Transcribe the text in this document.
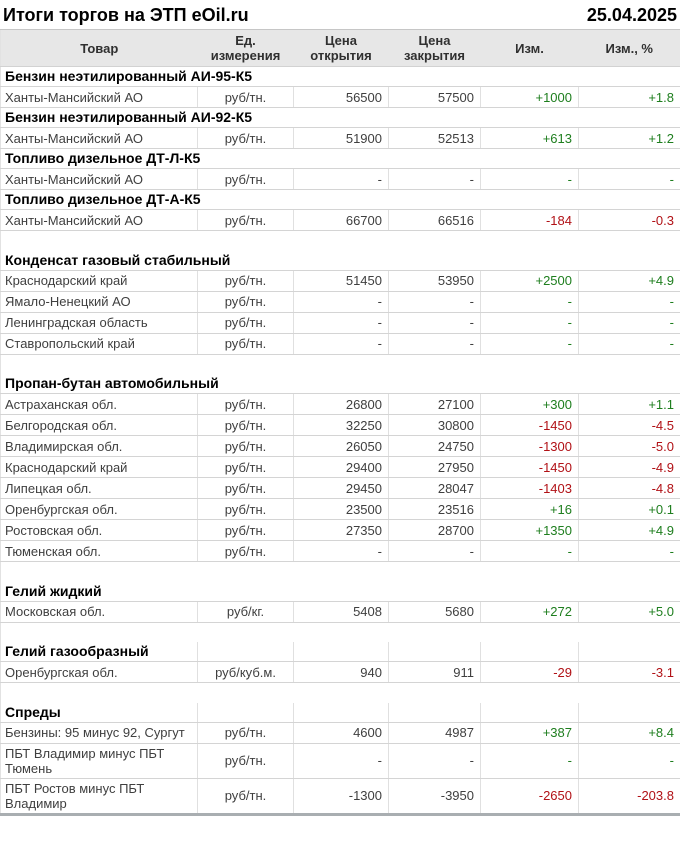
Итоги торгов на ЭТП eOil.ru	25.04.2025
Товар	Ед. измерения	Цена открытия	Цена закрытия	Изм.	Изм., %
Бензин неэтилированный АИ-95-К5					
Ханты-Мансийский АО	руб/тн.	56500	57500	+1000	+1.8
Бензин неэтилированный АИ-92-К5					
Ханты-Мансийский АО	руб/тн.	51900	52513	+613	+1.2
Топливо дизельное ДТ-Л-К5					
Ханты-Мансийский АО	руб/тн.	-	-	-	-
Топливо дизельное ДТ-А-К5					
Ханты-Мансийский АО	руб/тн.	66700	66516	-184	-0.3

Конденсат газовый стабильный					
Краснодарский край	руб/тн.	51450	53950	+2500	+4.9
Ямало-Ненецкий АО	руб/тн.	-	-	-	-
Ленинградская область	руб/тн.	-	-	-	-
Ставропольский край	руб/тн.	-	-	-	-

Пропан-бутан автомобильный					
Астраханская обл.	руб/тн.	26800	27100	+300	+1.1
Белгородская обл.	руб/тн.	32250	30800	-1450	-4.5
Владимирская обл.	руб/тн.	26050	24750	-1300	-5.0
Краснодарский край	руб/тн.	29400	27950	-1450	-4.9
Липецкая обл.	руб/тн.	29450	28047	-1403	-4.8
Оренбургская обл.	руб/тн.	23500	23516	+16	+0.1
Ростовская обл.	руб/тн.	27350	28700	+1350	+4.9
Тюменская обл.	руб/тн.	-	-	-	-

Гелий жидкий					
Московская обл.	руб/кг.	5408	5680	+272	+5.0

Гелий газообразный					
Оренбургская обл.	руб/куб.м.	940	911	-29	-3.1

Спреды					
Бензины: 95 минус 92, Сургут	руб/тн.	4600	4987	+387	+8.4
ПБТ Владимир минус ПБТ Тюмень	руб/тн.	-	-	-	-
ПБТ Ростов минус ПБТ Владимир	руб/тн.	-1300	-3950	-2650	-203.8
